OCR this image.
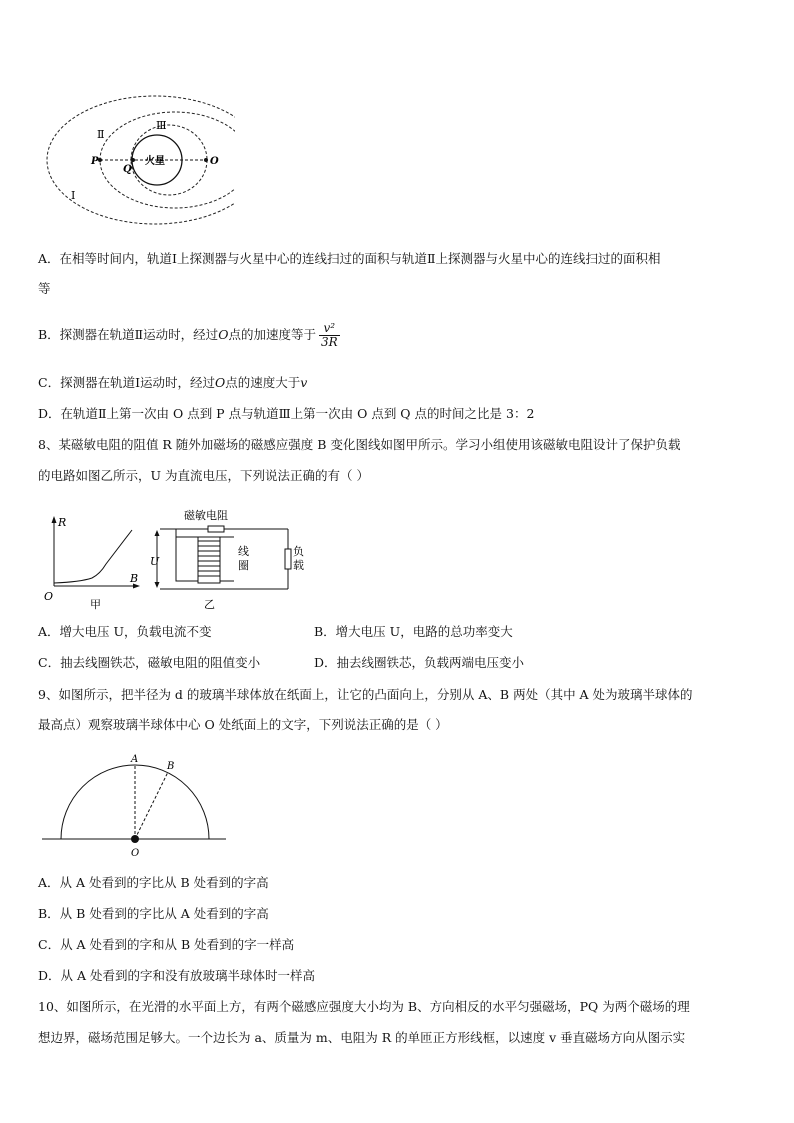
Ⅱ
Ⅲ
Ⅰ
P
Q
O
火星
A．在相等时间内，轨道Ⅰ上探测器与火星中心的连线扫过的面积与轨道Ⅱ上探测器与火星中心的连线扫过的面积相
等
B．探测器在轨道Ⅱ运动时，经过O点的加速度等于 $\frac{\text{v²}}{3R}$
C．探测器在轨道Ⅰ运动时，经过O点的速度大于v
D．在轨道Ⅱ上第一次由 O 点到 P 点与轨道Ⅲ上第一次由 O 点到 Q 点的时间之比是 3：2
8、某磁敏电阻的阻值 R 随外加磁场的磁感应强度 B 变化图线如图甲所示。学习小组使用该磁敏电阻设计了保护负载
的电路如图乙所示，U 为直流电压，下列说法正确的有（ ）
R
B
O
甲
磁敏电阻
U
线
圈
负
载
乙
A．增大电压 U，负载电流不变	B．增大电压 U，电路的总功率变大
C．抽去线圈铁芯，磁敏电阻的阻值变小	D．抽去线圈铁芯，负载两端电压变小
9、如图所示，把半径为 d 的玻璃半球体放在纸面上，让它的凸面向上，分别从 A、B 两处（其中 A 处为玻璃半球体的
最高点）观察玻璃半球体中心 O 处纸面上的文字，下列说法正确的是（ ）
A
B
O
A．从 A 处看到的字比从 B 处看到的字高
B．从 B 处看到的字比从 A 处看到的字高
C．从 A 处看到的字和从 B 处看到的字一样高
D．从 A 处看到的字和没有放玻璃半球体时一样高
10、如图所示，在光滑的水平面上方，有两个磁感应强度大小均为 B、方向相反的水平匀强磁场，PQ 为两个磁场的理
想边界，磁场范围足够大。一个边长为 a、质量为 m、电阻为 R 的单匝正方形线框，以速度 v 垂直磁场方向从图示实
